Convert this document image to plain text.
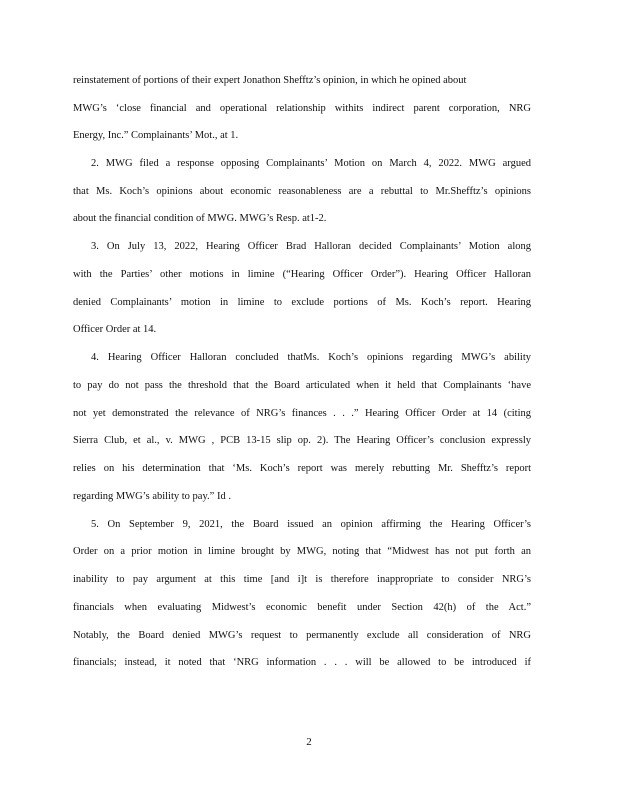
reinstatement of portions of their expert Jonathon Shefftz’s opinion, in which he opined about
MWG’s ‘close financial and operational relationship withits indirect parent corporation, NRG
Energy, Inc.” Complainants’ Mot., at 1.
2. MWG filed a response opposing Complainants’ Motion on March 4, 2022. MWG argued
that Ms. Koch’s opinions about economic reasonableness are a rebuttal to Mr.Shefftz’s opinions
about the financial condition of MWG. MWG’s Resp. at1-2.
3. On July 13, 2022, Hearing Officer Brad Halloran decided Complainants’ Motion along
with the Parties’ other motions in limine (“Hearing Officer Order”). Hearing Officer Halloran
denied Complainants’ motion in limine to exclude portions of Ms. Koch’s report. Hearing
Officer Order at 14.
4. Hearing Officer Halloran concluded thatMs. Koch’s opinions regarding MWG’s ability
to pay do not pass the threshold that the Board articulated when it held that Complainants ‘have
not yet demonstrated the relevance of NRG’s finances . . .” Hearing Officer Order at 14 (citing
Sierra Club, et al., v. MWG , PCB 13-15 slip op. 2). The Hearing Officer’s conclusion expressly
relies on his determination that ‘Ms. Koch’s report was merely rebutting Mr. Shefftz’s report
regarding MWG’s ability to pay.” Id .
5. On September 9, 2021, the Board issued an opinion affirming the Hearing Officer’s
Order on a prior motion in limine brought by MWG, noting that “Midwest has not put forth an
inability to pay argument at this time [and i]t is therefore inappropriate to consider NRG’s
financials when evaluating Midwest’s economic benefit under Section 42(h) of the Act.”
Notably, the Board denied MWG’s request to permanently exclude all consideration of NRG
financials; instead, it noted that ‘NRG information . . . will be allowed to be introduced if
2
